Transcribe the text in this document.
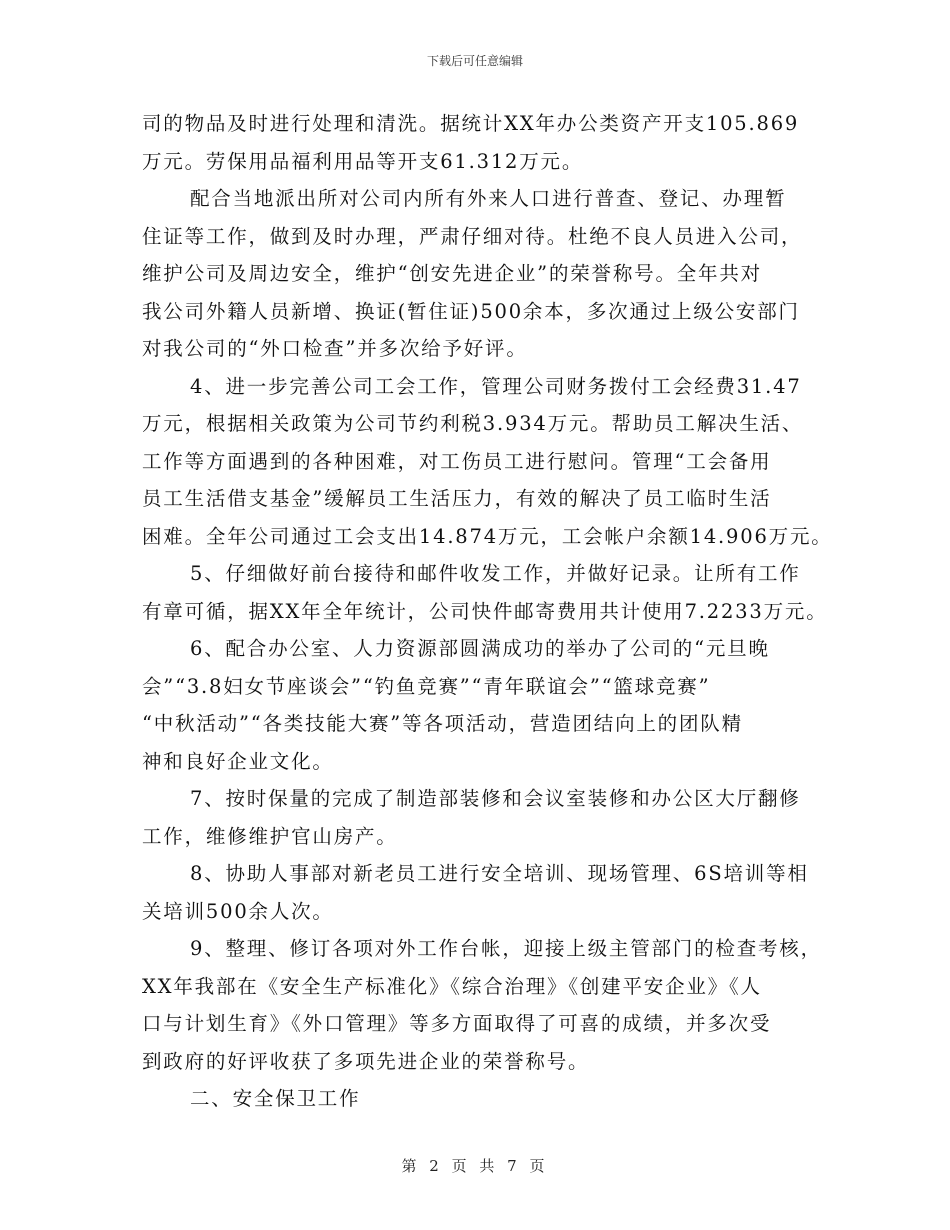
下载后可任意编辑
司的物品及时进行处理和清洗。据统计XX年办公类资产开支105.869
万元。劳保用品福利用品等开支61.312万元。
配合当地派出所对公司内所有外来人口进行普查、登记、办理暂
住证等工作，做到及时办理，严肃仔细对待。杜绝不良人员进入公司，
维护公司及周边安全，维护“创安先进企业”的荣誉称号。全年共对
我公司外籍人员新增、换证(暂住证)500余本，多次通过上级公安部门
对我公司的“外口检查”并多次给予好评。
4、进一步完善公司工会工作，管理公司财务拨付工会经费31.47
万元，根据相关政策为公司节约利税3.934万元。帮助员工解决生活、
工作等方面遇到的各种困难，对工伤员工进行慰问。管理“工会备用
员工生活借支基金”缓解员工生活压力，有效的解决了员工临时生活
困难。全年公司通过工会支出14.874万元，工会帐户余额14.906万元。
5、仔细做好前台接待和邮件收发工作，并做好记录。让所有工作
有章可循，据XX年全年统计，公司快件邮寄费用共计使用7.2233万元。
6、配合办公室、人力资源部圆满成功的举办了公司的“元旦晚
会”“3.8妇女节座谈会”“钓鱼竞赛”“青年联谊会”“篮球竞赛”
“中秋活动”“各类技能大赛”等各项活动，营造团结向上的团队精
神和良好企业文化。
7、按时保量的完成了制造部装修和会议室装修和办公区大厅翻修
工作，维修维护官山房产。
8、协助人事部对新老员工进行安全培训、现场管理、6S培训等相
关培训500余人次。
9、整理、修订各项对外工作台帐，迎接上级主管部门的检查考核，
XX年我部在《安全生产标准化》《综合治理》《创建平安企业》《人
口与计划生育》《外口管理》等多方面取得了可喜的成绩，并多次受
到政府的好评收获了多项先进企业的荣誉称号。
二、安全保卫工作
第 2 页 共 7 页
